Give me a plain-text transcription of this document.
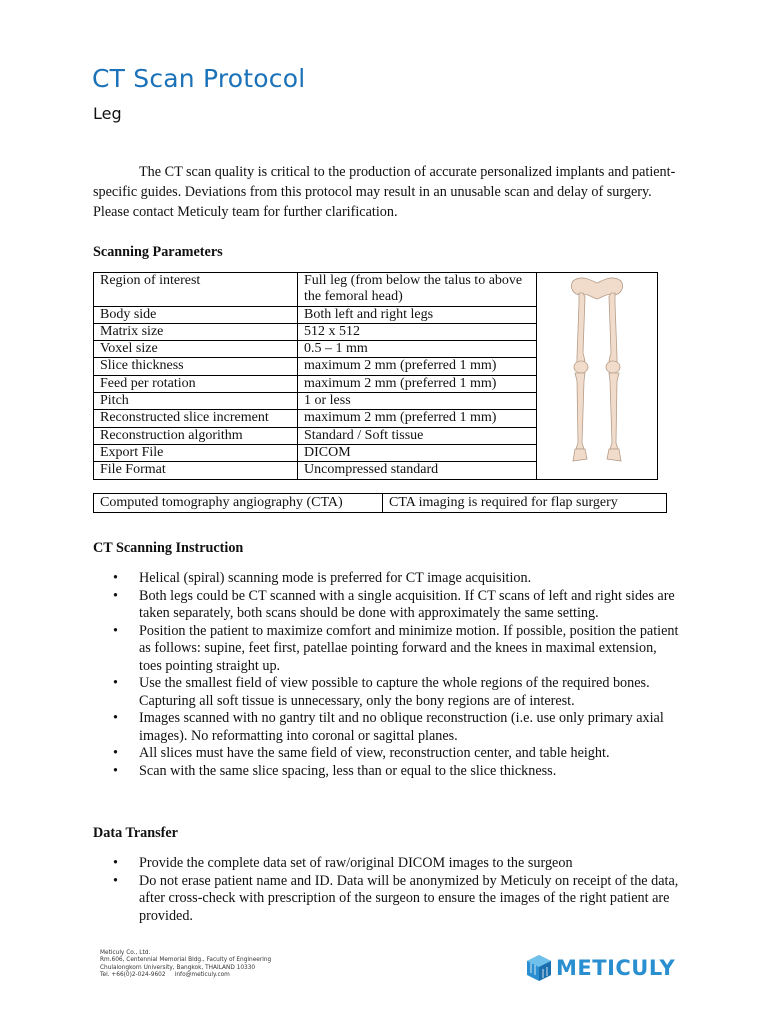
CT Scan Protocol
Leg

The CT scan quality is critical to the production of accurate personalized implants and patient-specific guides. Deviations from this protocol may result in an unusable scan and delay of surgery. Please contact Meticuly team for further clarification.

Scanning Parameters
Region of interest	Full leg (from below the talus to above the femoral head)	
Body side	Both left and right legs	
Matrix size	512 x 512	
Voxel size	0.5 – 1 mm	
Slice thickness	maximum 2 mm (preferred 1 mm)	
Feed per rotation	maximum 2 mm (preferred 1 mm)	
Pitch	1 or less	
Reconstructed slice increment	maximum 2 mm (preferred 1 mm)	
Reconstruction algorithm	Standard / Soft tissue	
Export File	DICOM	
File Format	Uncompressed standard	
Computed tomography angiography (CTA)	CTA imaging is required for flap surgery
CT Scanning Instruction
• Helical (spiral) scanning mode is preferred for CT image acquisition.
• Both legs could be CT scanned with a single acquisition. If CT scans of left and right sides are taken separately, both scans should be done with approximately the same setting.
• Position the patient to maximize comfort and minimize motion. If possible, position the patient as follows: supine, feet first, patellae pointing forward and the knees in maximal extension, toes pointing straight up.
• Use the smallest field of view possible to capture the whole regions of the required bones. Capturing all soft tissue is unnecessary, only the bony regions are of interest.
• Images scanned with no gantry tilt and no oblique reconstruction (i.e. use only primary axial images). No reformatting into coronal or sagittal planes.
• All slices must have the same field of view, reconstruction center, and table height.
• Scan with the same slice spacing, less than or equal to the slice thickness.
Data Transfer
• Provide the complete data set of raw/original DICOM images to the surgeon
• Do not erase patient name and ID. Data will be anonymized by Meticuly on receipt of the data, after cross-check with prescription of the surgeon to ensure the images of the right patient are provided.
Meticuly Co., Ltd.
Rm.606, Centennial Memorial Bldg., Faculty of Engineering
Chulalongkorn University, Bangkok, THAILAND 10330
Tel. +66(0)2-024-9602     info@meticuly.com	METICULY
